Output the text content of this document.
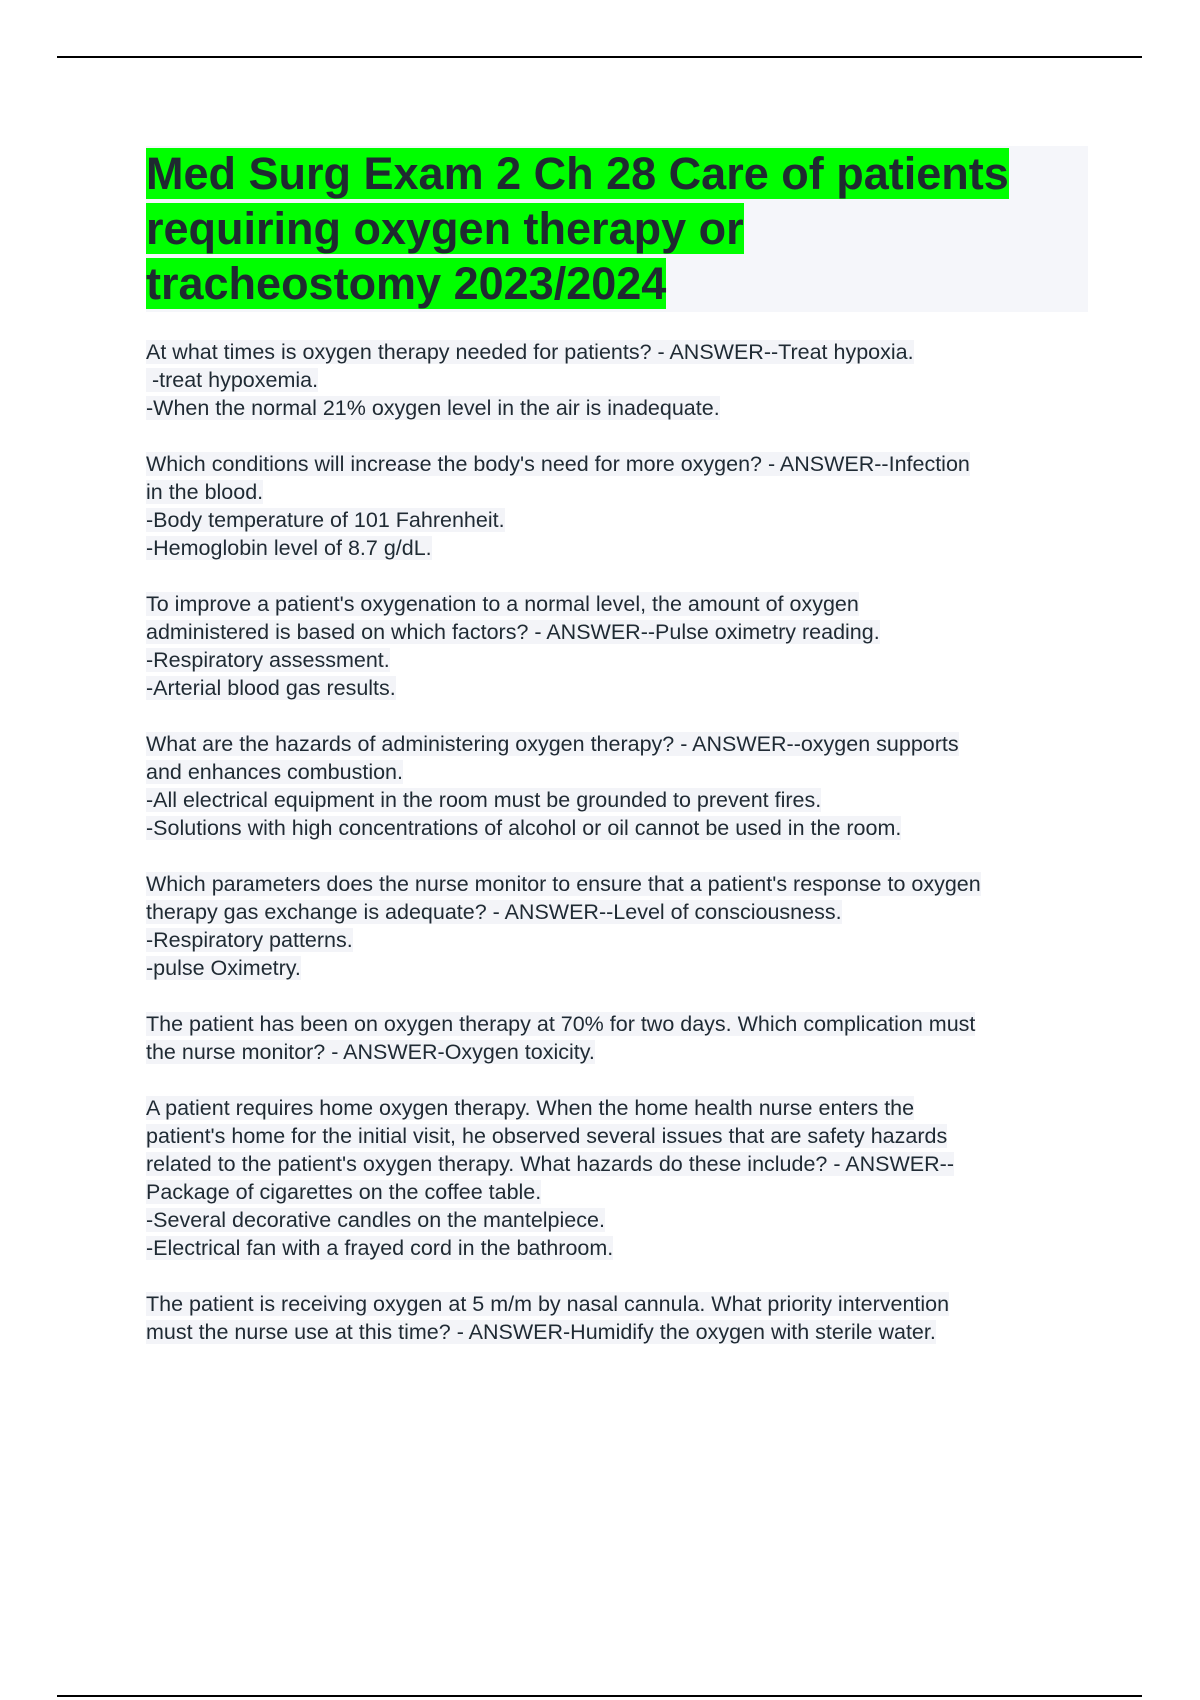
Med Surg Exam 2 Ch 28 Care of patients
requiring oxygen therapy or
tracheostomy 2023/2024
At what times is oxygen therapy needed for patients? - ANSWER--Treat hypoxia.
-treat hypoxemia.
-When the normal 21% oxygen level in the air is inadequate.
Which conditions will increase the body's need for more oxygen? - ANSWER--Infection
in the blood.
-Body temperature of 101 Fahrenheit.
-Hemoglobin level of 8.7 g/dL.
To improve a patient's oxygenation to a normal level, the amount of oxygen
administered is based on which factors? - ANSWER--Pulse oximetry reading.
-Respiratory assessment.
-Arterial blood gas results.
What are the hazards of administering oxygen therapy? - ANSWER--oxygen supports
and enhances combustion.
-All electrical equipment in the room must be grounded to prevent fires.
-Solutions with high concentrations of alcohol or oil cannot be used in the room.
Which parameters does the nurse monitor to ensure that a patient's response to oxygen
therapy gas exchange is adequate? - ANSWER--Level of consciousness.
-Respiratory patterns.
-pulse Oximetry.
The patient has been on oxygen therapy at 70% for two days. Which complication must
the nurse monitor? - ANSWER-Oxygen toxicity.
A patient requires home oxygen therapy. When the home health nurse enters the
patient's home for the initial visit, he observed several issues that are safety hazards
related to the patient's oxygen therapy. What hazards do these include? - ANSWER--
Package of cigarettes on the coffee table.
-Several decorative candles on the mantelpiece.
-Electrical fan with a frayed cord in the bathroom.
The patient is receiving oxygen at 5 m/m by nasal cannula. What priority intervention
must the nurse use at this time? - ANSWER-Humidify the oxygen with sterile water.
